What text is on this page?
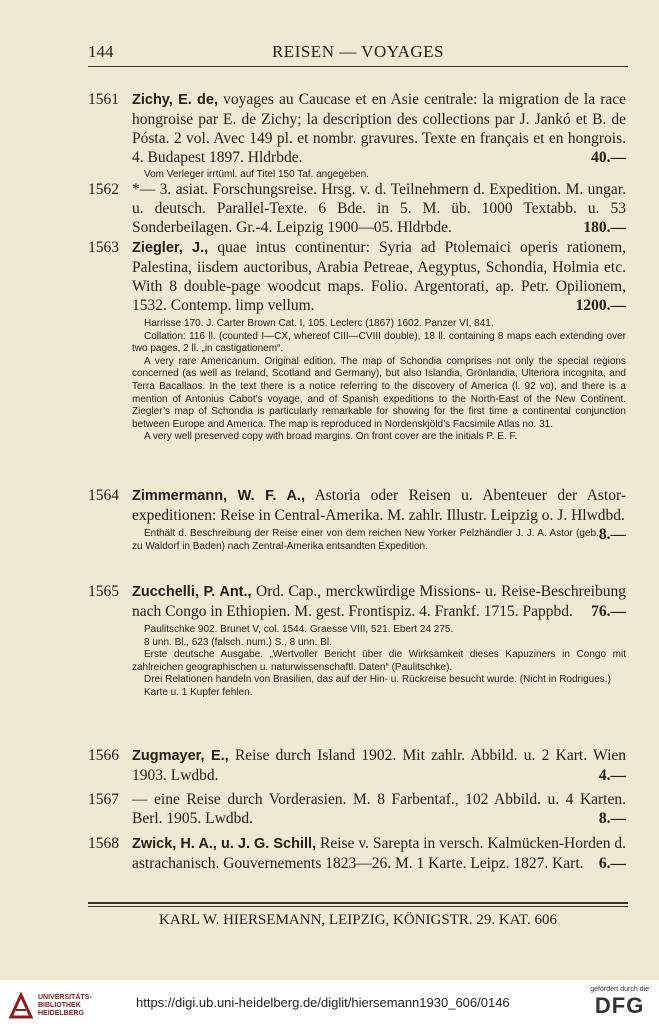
144	REISEN — VOYAGES
1561 Zichy, E. de, voyages au Caucase et en Asie centrale: la migration de la race hongroise par E. de Zichy; la description des collections par J. Jankó et B. de Pósta. 2 vol. Avec 149 pl. et nombr. gravures. Texte en français et en hongrois. 4. Budapest 1897. Hldrbde.	40.—

Vom Verleger irrtüml. auf Titel 150 Taf. angegeben.

1562 *— 3. asiat. Forschungsreise. Hrsg. v. d. Teilnehmern d. Expedition. M. ungar. u. deutsch. Parallel-Texte. 6 Bde. in 5. M. üb. 1000 Textabb. u. 53 Sonderbeilagen. Gr.-4. Leipzig 1900—05. Hldrbde.	180.—
1563 Ziegler, J., quae intus continentur: Syria ad Ptolemaici operis rationem, Palestina, iisdem auctoribus, Arabia Petreae, Aegyptus, Schondia, Holmia etc. With 8 double-page woodcut maps. Folio. Argentorati, ap. Petr. Opilionem, 1532. Contemp. limp vellum.	1200.—

Harrisse 170. J. Carter Brown Cat. I, 105. Leclerc (1867) 1602. Panzer VI, 841.

Collation: 116 ll. (counted I—CX, whereof CIII—CVIII double), 18 ll. containing 8 maps each extending over two pages, 2 ll. „in castigationem“.

A very rare Americanum. Original edition. The map of Schondia comprises not only the special regions concerned (as well as Ireland, Scotland and Germany), but also Islandia, Grönlandia, Ulteriora incognita, and Terra Bacallaos. In the text there is a notice referring to the discovery of America (l. 92 vo), and there is a mention of Antonius Cabot’s voyage, and of Spanish expeditions to the North-East of the New Continent. Ziegler’s map of Schondia is particularly remarkable for showing for the first time a continental conjunction between Europe and America. The map is reproduced in Nordenskjöld’s Facsimile Atlas no. 31.

A very well preserved copy with broad margins. On front cover are the initials P. E. F.

1564 Zimmermann, W. F. A., Astoria oder Reisen u. Abenteuer der Astor-expeditionen: Reise in Central-Amerika. M. zahlr. Illustr. Leipzig o. J. Hlwdbd.
8.—

Enthält d. Beschreibung der Reise einer von dem reichen New Yorker Pelzhändler J. J. A. Astor (geb. zu Waldorf in Baden) nach Zentral-Amerika entsandten Expedition.

1565 Zucchelli, P. Ant., Ord. Cap., merckwürdige Missions- u. Reise-Beschreibung nach Congo in Ethiopien. M. gest. Frontispiz. 4. Frankf. 1715. Pappbd. 76.—

Paulitschke 902. Brunet V, col. 1544. Graesse VIII, 521. Ebert 24 275.

8 unn. Bl., 623 (falsch. num.) S., 8 unn. Bl.

Erste deutsche Ausgabe. „Wertvoller Bericht über die Wirksamkeit dieses Kapuziners in Congo mit zahlreichen geographischen u. naturwissenschaftl. Daten“ (Paulitschke).

Drei Relationen handeln von Brasilien, das auf der Hin- u. Rückreise besucht wurde. (Nicht in Rodrigues.)

Karte u. 1 Kupfer fehlen.

1566 Zugmayer, E., Reise durch Island 1902. Mit zahlr. Abbild. u. 2 Kart. Wien 1903. Lwdbd.	4.—
1567 — eine Reise durch Vorderasien. M. 8 Farbentaf., 102 Abbild. u. 4 Karten. Berl. 1905. Lwdbd.	8.—
1568 Zwick, H. A., u. J. G. Schill, Reise v. Sarepta in versch. Kalmücken-Horden d. astrachanisch. Gouvernements 1823—26. M. 1 Karte. Leipz. 1827. Kart. 6.—
KARL W. HIERSEMANN, LEIPZIG, KÖNIGSTR. 29. KAT. 606
UNIVERSITÄTS-
BIBLIOTHEK
HEIDELBERG
https://digi.ub.uni-heidelberg.de/diglit/hiersemann1930_606/0146
gefördert durch die
DFG
